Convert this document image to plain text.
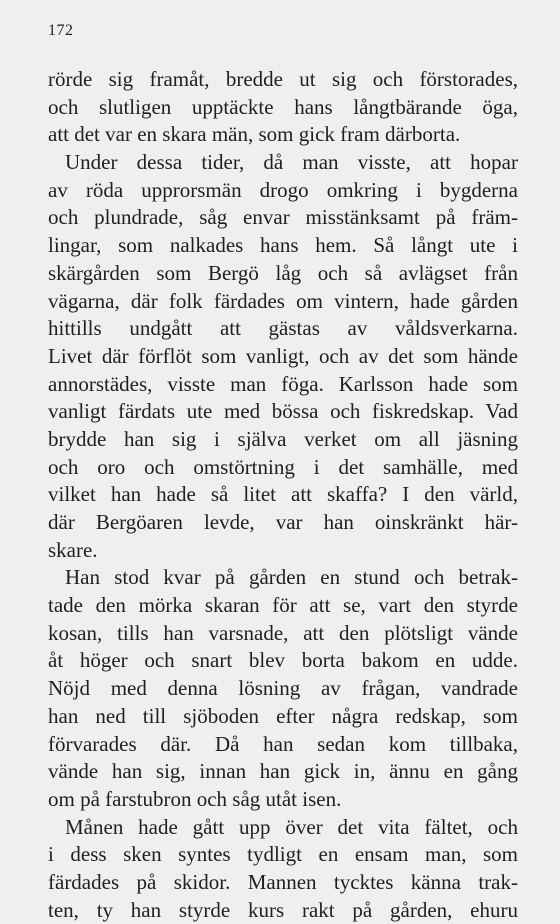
172
rörde sig framåt, bredde ut sig och förstorades,
och slutligen upptäckte hans långtbärande öga,
att det var en skara män, som gick fram därborta.
Under dessa tider, då man visste, att hopar
av röda upprorsmän drogo omkring i bygderna
och plundrade, såg envar misstänksamt på främ-
lingar, som nalkades hans hem. Så långt ute i
skärgården som Bergö låg och så avlägset från
vägarna, där folk färdades om vintern, hade gården
hittills undgått att gästas av våldsverkarna.
Livet där förflöt som vanligt, och av det som hände
annorstädes, visste man föga. Karlsson hade som
vanligt färdats ute med bössa och fiskredskap. Vad
brydde han sig i själva verket om all jäsning
och oro och omstörtning i det samhälle, med
vilket han hade så litet att skaffa? I den värld,
där Bergöaren levde, var han oinskränkt här-
skare.
Han stod kvar på gården en stund och betrak-
tade den mörka skaran för att se, vart den styrde
kosan, tills han varsnade, att den plötsligt vände
åt höger och snart blev borta bakom en udde.
Nöjd med denna lösning av frågan, vandrade
han ned till sjöboden efter några redskap, som
förvarades där. Då han sedan kom tillbaka,
vände han sig, innan han gick in, ännu en gång
om på farstubron och såg utåt isen.
Månen hade gått upp över det vita fältet, och
i dess sken syntes tydligt en ensam man, som
färdades på skidor. Mannen tycktes känna trak-
ten, ty han styrde kurs rakt på gården, ehuru
